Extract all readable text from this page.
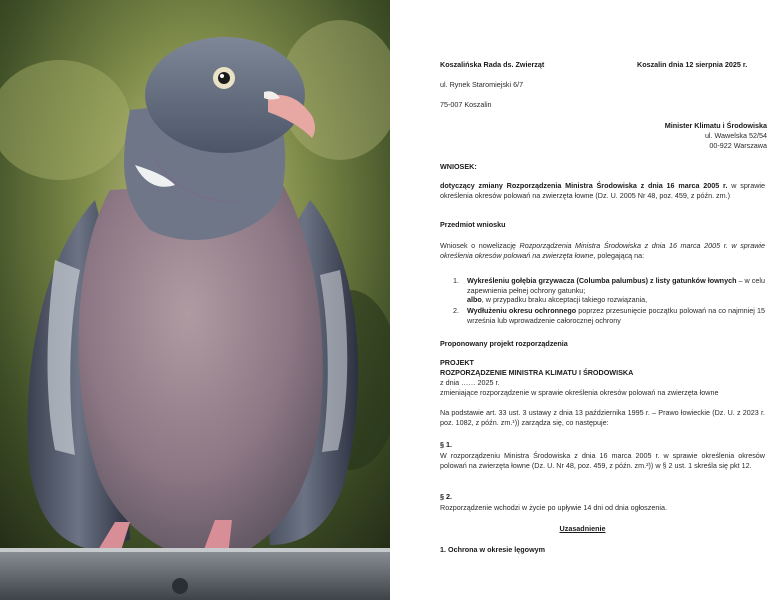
Koszalińska Rada ds. Zwierząt	Koszalin dnia 12 sierpnia 2025 r.
ul. Rynek Staromiejski 6/7
75-007 Koszalin
Minister Klimatu i Środowiska
ul. Wawelska 52/54
00-922 Warszawa
WNIOSEK:
dotyczący zmiany Rozporządzenia Ministra Środowiska z dnia 16 marca 2005 r. w sprawie określenia okresów polowań na zwierzęta łowne (Dz. U. 2005 Nr 48, poz. 459, z późn. zm.)
Przedmiot wniosku
Wniosek o nowelizację Rozporządzenia Ministra Środowiska z dnia 16 marca 2005 r. w sprawie określenia okresów polowań na zwierzęta łowne, polegającą na:
1. Wykreśleniu gołębia grzywacza (Columba palumbus) z listy gatunków łownych – w celu zapewnienia pełnej ochrony gatunku;
albo, w przypadku braku akceptacji takiego rozwiązania,
2. Wydłużeniu okresu ochronnego poprzez przesunięcie początku polowań na co najmniej 15 września lub wprowadzenie całorocznej ochrony
Proponowany projekt rozporządzenia
PROJEKT
ROZPORZĄDZENIE MINISTRA KLIMATU I ŚRODOWISKA
z dnia …… 2025 r.
zmieniające rozporządzenie w sprawie określenia okresów polowań na zwierzęta łowne
Na podstawie art. 33 ust. 3 ustawy z dnia 13 października 1995 r. – Prawo łowieckie (Dz. U. z 2023 r. poz. 1082, z późn. zm.¹)) zarządza się, co następuje:
§ 1.
W rozporządzeniu Ministra Środowiska z dnia 16 marca 2005 r. w sprawie określenia okresów polowań na zwierzęta łowne (Dz. U. Nr 48, poz. 459, z późn. zm.²)) w § 2 ust. 1 skreśla się pkt 12.
§ 2.
Rozporządzenie wchodzi w życie po upływie 14 dni od dnia ogłoszenia.
Uzasadnienie
1. Ochrona w okresie lęgowym
